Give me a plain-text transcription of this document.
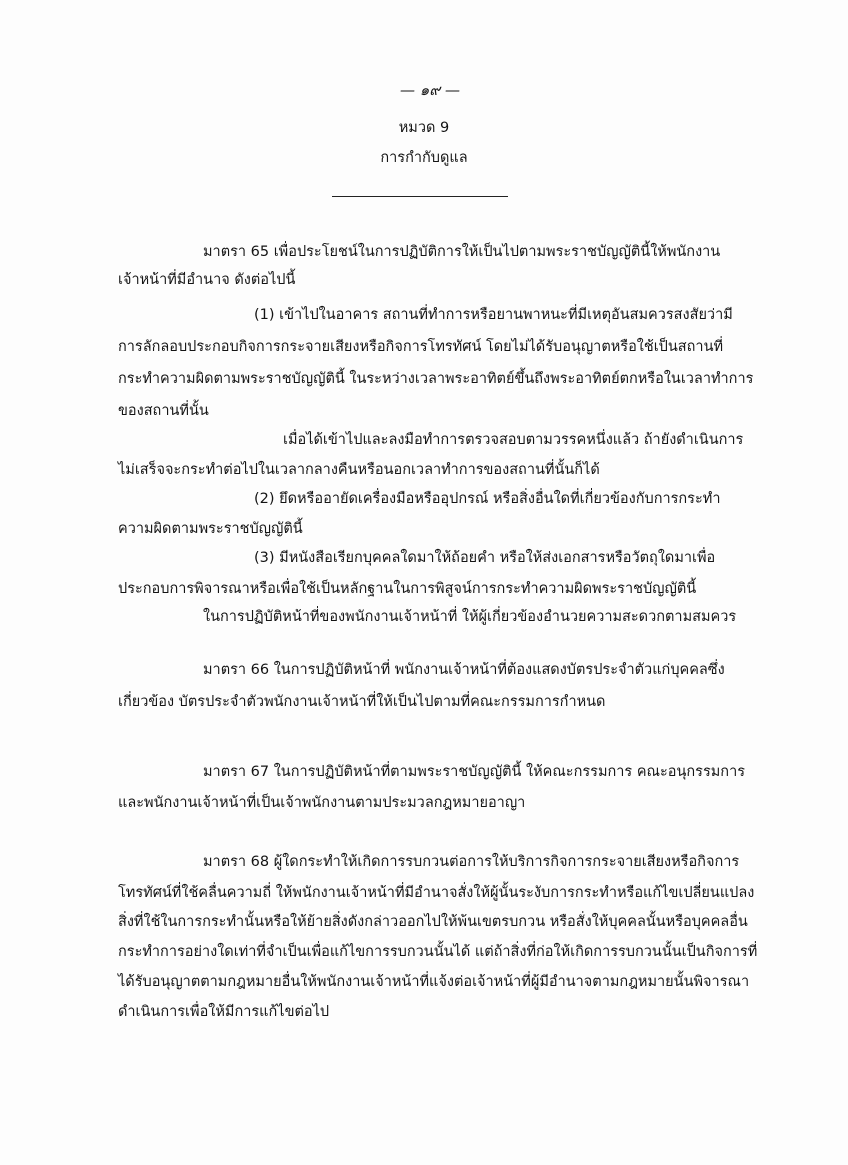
— ๑๙ —
หมวด 9
การกำกับดูแล
มาตรา 65 เพื่อประโยชน์ในการปฏิบัติการให้เป็นไปตามพระราชบัญญัตินี้ให้พนักงาน
เจ้าหน้าที่มีอำนาจ ดังต่อไปนี้
(1) เข้าไปในอาคาร สถานที่ทำการหรือยานพาหนะที่มีเหตุอันสมควรสงสัยว่ามี
การลักลอบประกอบกิจการกระจายเสียงหรือกิจการโทรทัศน์ โดยไม่ได้รับอนุญาตหรือใช้เป็นสถานที่
กระทำความผิดตามพระราชบัญญัตินี้ ในระหว่างเวลาพระอาทิตย์ขึ้นถึงพระอาทิตย์ตกหรือในเวลาทำการ
ของสถานที่นั้น
เมื่อได้เข้าไปและลงมือทำการตรวจสอบตามวรรคหนึ่งแล้ว ถ้ายังดำเนินการ
ไม่เสร็จจะกระทำต่อไปในเวลากลางคืนหรือนอกเวลาทำการของสถานที่นั้นก็ได้
(2) ยึดหรืออายัดเครื่องมือหรืออุปกรณ์ หรือสิ่งอื่นใดที่เกี่ยวข้องกับการกระทำ
ความผิดตามพระราชบัญญัตินี้
(3) มีหนังสือเรียกบุคคลใดมาให้ถ้อยคำ หรือให้ส่งเอกสารหรือวัตถุใดมาเพื่อ
ประกอบการพิจารณาหรือเพื่อใช้เป็นหลักฐานในการพิสูจน์การกระทำความผิดพระราชบัญญัตินี้
ในการปฏิบัติหน้าที่ของพนักงานเจ้าหน้าที่ ให้ผู้เกี่ยวข้องอำนวยความสะดวกตามสมควร
มาตรา 66 ในการปฏิบัติหน้าที่ พนักงานเจ้าหน้าที่ต้องแสดงบัตรประจำตัวแก่บุคคลซึ่ง
เกี่ยวข้อง บัตรประจำตัวพนักงานเจ้าหน้าที่ให้เป็นไปตามที่คณะกรรมการกำหนด
มาตรา 67 ในการปฏิบัติหน้าที่ตามพระราชบัญญัตินี้ ให้คณะกรรมการ คณะอนุกรรมการ
และพนักงานเจ้าหน้าที่เป็นเจ้าพนักงานตามประมวลกฎหมายอาญา
มาตรา 68 ผู้ใดกระทำให้เกิดการรบกวนต่อการให้บริการกิจการกระจายเสียงหรือกิจการ
โทรทัศน์ที่ใช้คลื่นความถี่ ให้พนักงานเจ้าหน้าที่มีอำนาจสั่งให้ผู้นั้นระงับการกระทำหรือแก้ไขเปลี่ยนแปลง
สิ่งที่ใช้ในการกระทำนั้นหรือให้ย้ายสิ่งดังกล่าวออกไปให้พ้นเขตรบกวน หรือสั่งให้บุคคลนั้นหรือบุคคลอื่น
กระทำการอย่างใดเท่าที่จำเป็นเพื่อแก้ไขการรบกวนนั้นได้ แต่ถ้าสิ่งที่ก่อให้เกิดการรบกวนนั้นเป็นกิจการที่
ได้รับอนุญาตตามกฎหมายอื่นให้พนักงานเจ้าหน้าที่แจ้งต่อเจ้าหน้าที่ผู้มีอำนาจตามกฎหมายนั้นพิจารณา
ดำเนินการเพื่อให้มีการแก้ไขต่อไป
